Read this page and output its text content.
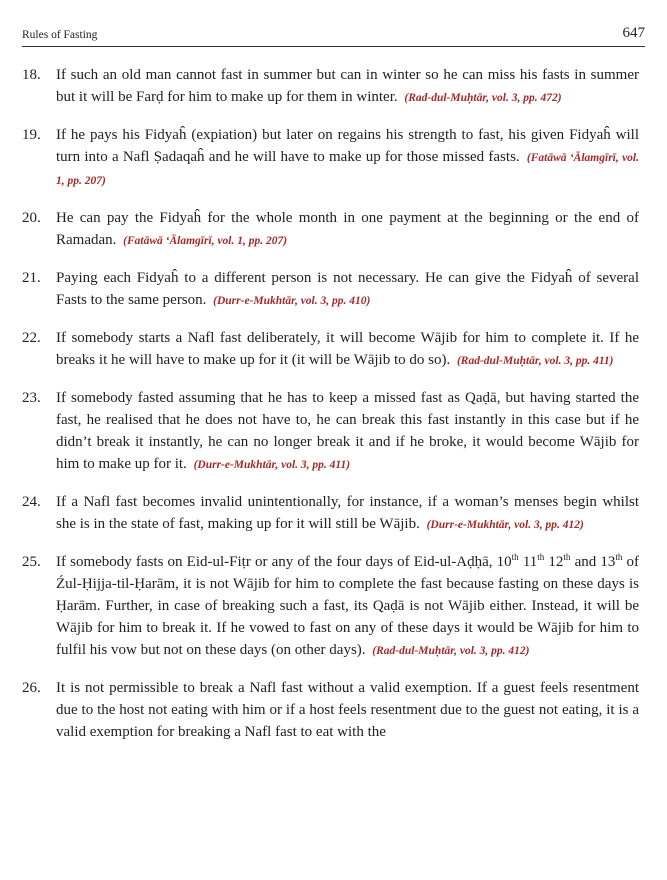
Rules of Fasting	647
18.	If such an old man cannot fast in summer but can in winter so he can miss his fasts in summer but it will be Farḍ for him to make up for them in winter. (Rad-dul-Muḥtār, vol. 3, pp. 472)
19.	If he pays his Fidyaĥ (expiation) but later on regains his strength to fast, his given Fidyaĥ will turn into a Nafl Ṣadaqaĥ and he will have to make up for those missed fasts. (Fatāwā ‘Ālamgīrī, vol. 1, pp. 207)
20.	He can pay the Fidyaĥ for the whole month in one payment at the beginning or the end of Ramadan. (Fatāwā ‘Ālamgīrī, vol. 1, pp. 207)
21.	Paying each Fidyaĥ to a different person is not necessary. He can give the Fidyaĥ of several Fasts to the same person. (Durr-e-Mukhtār, vol. 3, pp. 410)
22.	If somebody starts a Nafl fast deliberately, it will become Wājib for him to complete it. If he breaks it he will have to make up for it (it will be Wājib to do so). (Rad-dul-Muḥtār, vol. 3, pp. 411)
23.	If somebody fasted assuming that he has to keep a missed fast as Qaḍā, but having started the fast, he realised that he does not have to, he can break this fast instantly in this case but if he didn’t break it instantly, he can no longer break it and if he broke, it would become Wājib for him to make up for it. (Durr-e-Mukhtār, vol. 3, pp. 411)
24.	If a Nafl fast becomes invalid unintentionally, for instance, if a woman’s menses begin whilst she is in the state of fast, making up for it will still be Wājib. (Durr-e-Mukhtār, vol. 3, pp. 412)
25.	If somebody fasts on Eid-ul-Fiṭr or any of the four days of Eid-ul-Aḍḥā, 10th 11th 12th and 13th of Źul-Ḥijja-til-Ḥarām, it is not Wājib for him to complete the fast because fasting on these days is Ḥarām. Further, in case of breaking such a fast, its Qaḍā is not Wājib either. Instead, it will be Wājib for him to break it. If he vowed to fast on any of these days it would be Wājib for him to fulfil his vow but not on these days (on other days). (Rad-dul-Muḥtār, vol. 3, pp. 412)
26.	It is not permissible to break a Nafl fast without a valid exemption. If a guest feels resentment due to the host not eating with him or if a host feels resentment due to the guest not eating, it is a valid exemption for breaking a Nafl fast to eat with the
